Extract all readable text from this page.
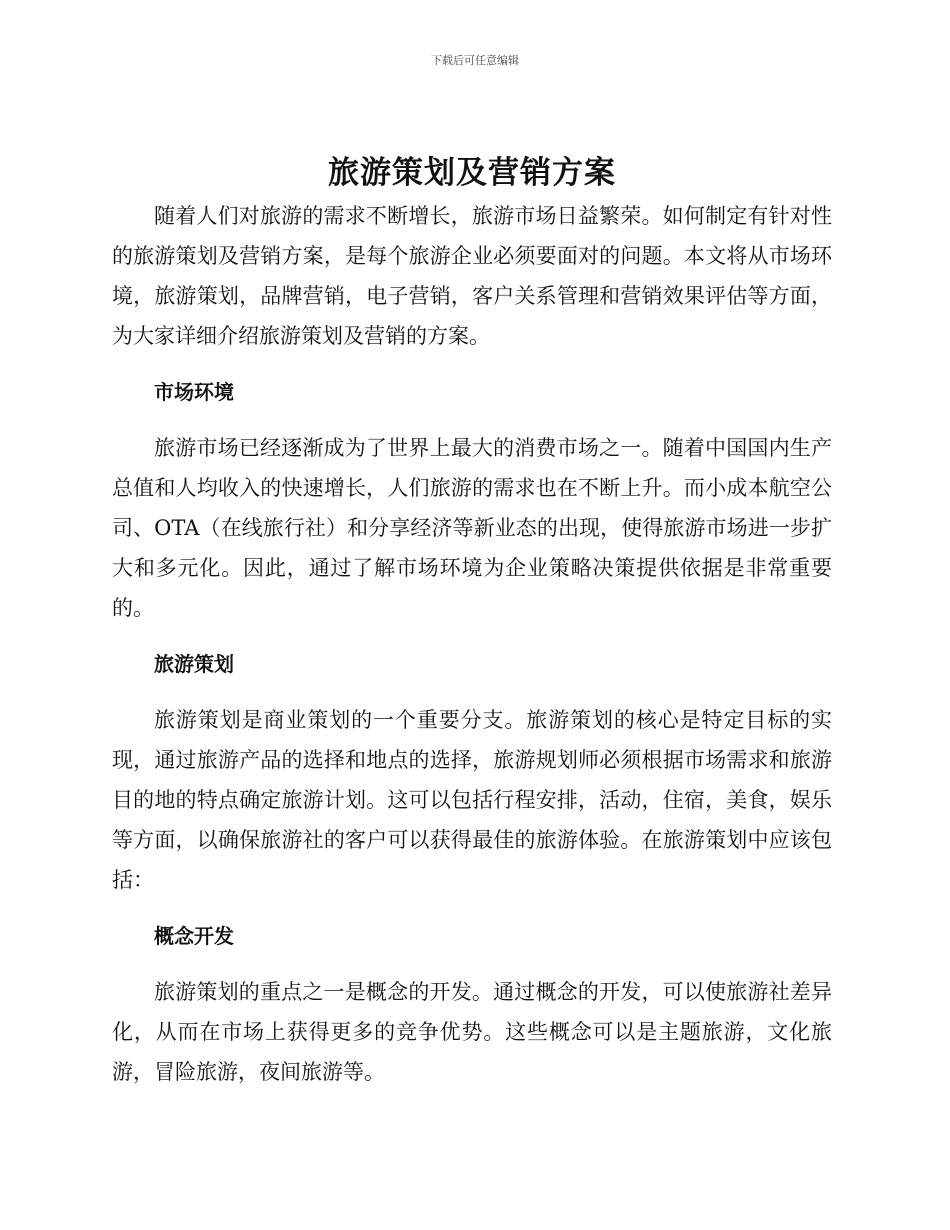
下载后可任意编辑
旅游策划及营销方案

随着人们对旅游的需求不断增长，旅游市场日益繁荣。如何制定有针对性的旅游策划及营销方案，是每个旅游企业必须要面对的问题。本文将从市场环境，旅游策划，品牌营销，电子营销，客户关系管理和营销效果评估等方面，为大家详细介绍旅游策划及营销的方案。

市场环境

旅游市场已经逐渐成为了世界上最大的消费市场之一。随着中国国内生产总值和人均收入的快速增长，人们旅游的需求也在不断上升。而小成本航空公司、OTA（在线旅行社）和分享经济等新业态的出现，使得旅游市场进一步扩大和多元化。因此，通过了解市场环境为企业策略决策提供依据是非常重要的。

旅游策划

旅游策划是商业策划的一个重要分支。旅游策划的核心是特定目标的实现，通过旅游产品的选择和地点的选择，旅游规划师必须根据市场需求和旅游目的地的特点确定旅游计划。这可以包括行程安排，活动，住宿，美食，娱乐等方面，以确保旅游社的客户可以获得最佳的旅游体验。在旅游策划中应该包括：

概念开发

旅游策划的重点之一是概念的开发。通过概念的开发，可以使旅游社差异化，从而在市场上获得更多的竞争优势。这些概念可以是主题旅游，文化旅游，冒险旅游，夜间旅游等。
